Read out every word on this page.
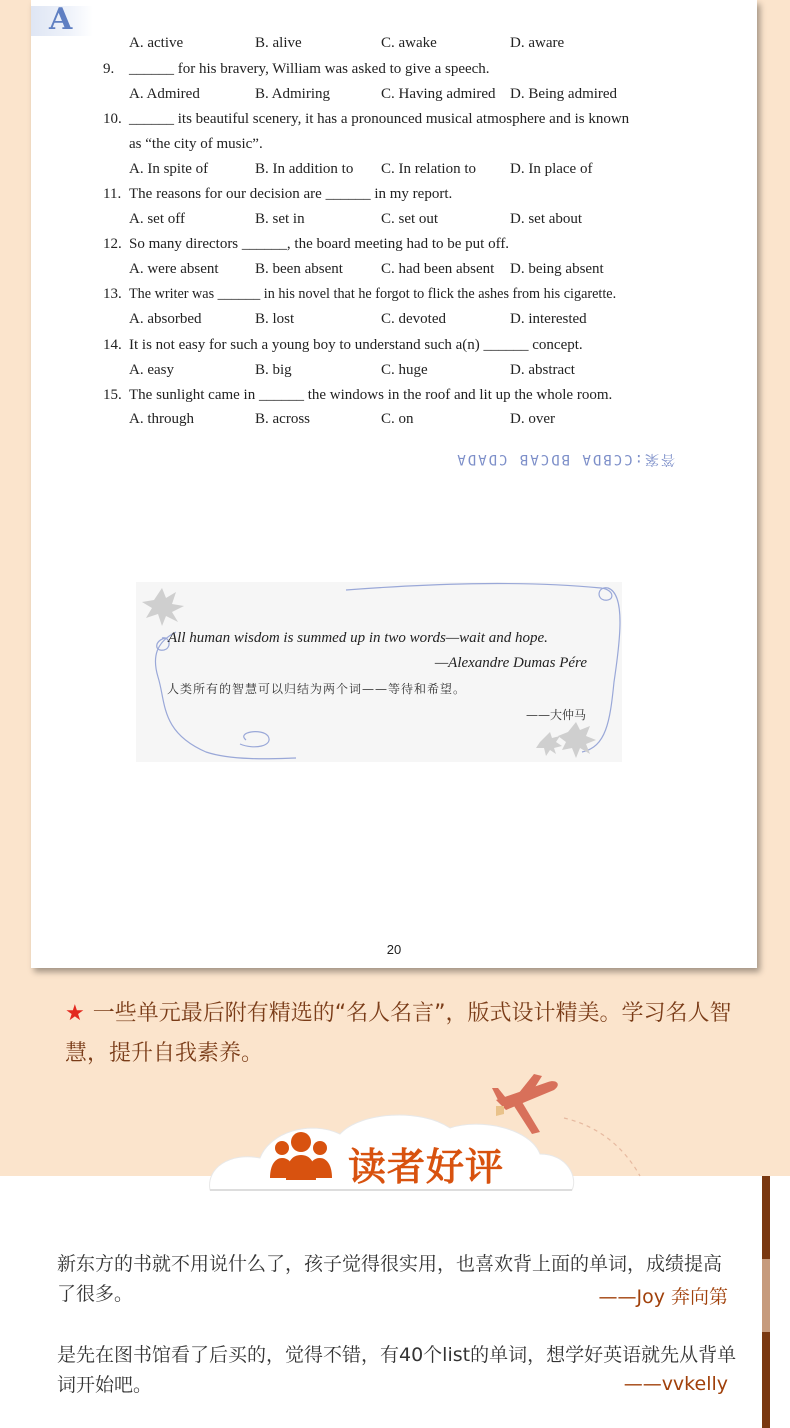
A
A. active	B. alive	C. awake	D. aware
9. ______ for his bravery, William was asked to give a speech.
A. Admired	B. Admiring	C. Having admired D. Being admired
10. ______ its beautiful scenery, it has a pronounced musical atmosphere and is known
as “the city of music”.
A. In spite of	B. In addition to C. In relation to D. In place of
11. The reasons for our decision are ______ in my report.
A. set off	B. set in	C. set out	D. set about
12. So many directors ______, the board meeting had to be put off.
A. were absent B. been absent	C. had been absent D. being absent
13. The writer was ______ in his novel that he forgot to flick the ashes from his cigarette.
A. absorbed	B. lost	C. devoted	D. interested
14. It is not easy for such a young boy to understand such a(n) ______ concept.
A. easy	B. big	C. huge	D. abstract
15. The sunlight came in ______ the windows in the roof and lit up the whole room.
A. through	B. across	C. on	D. over
答案:CCBDA BDCAB CDADA
All human wisdom is summed up in two words—wait and hope.
—Alexandre Dumas Pére
人类所有的智慧可以归结为两个词——等待和希望。
——大仲马
20
★ 一些单元最后附有精选的“名人名言”，版式设计精美。学习名人智慧，提升自我素养。
读者好评
新东方的书就不用说什么了，孩子觉得很实用，也喜欢背上面的单词，成绩提高了很多。	——Joy 奔向第
是先在图书馆看了后买的，觉得不错，有40个list的单词，想学好英语就先从背单词开始吧。	——vvkelly
